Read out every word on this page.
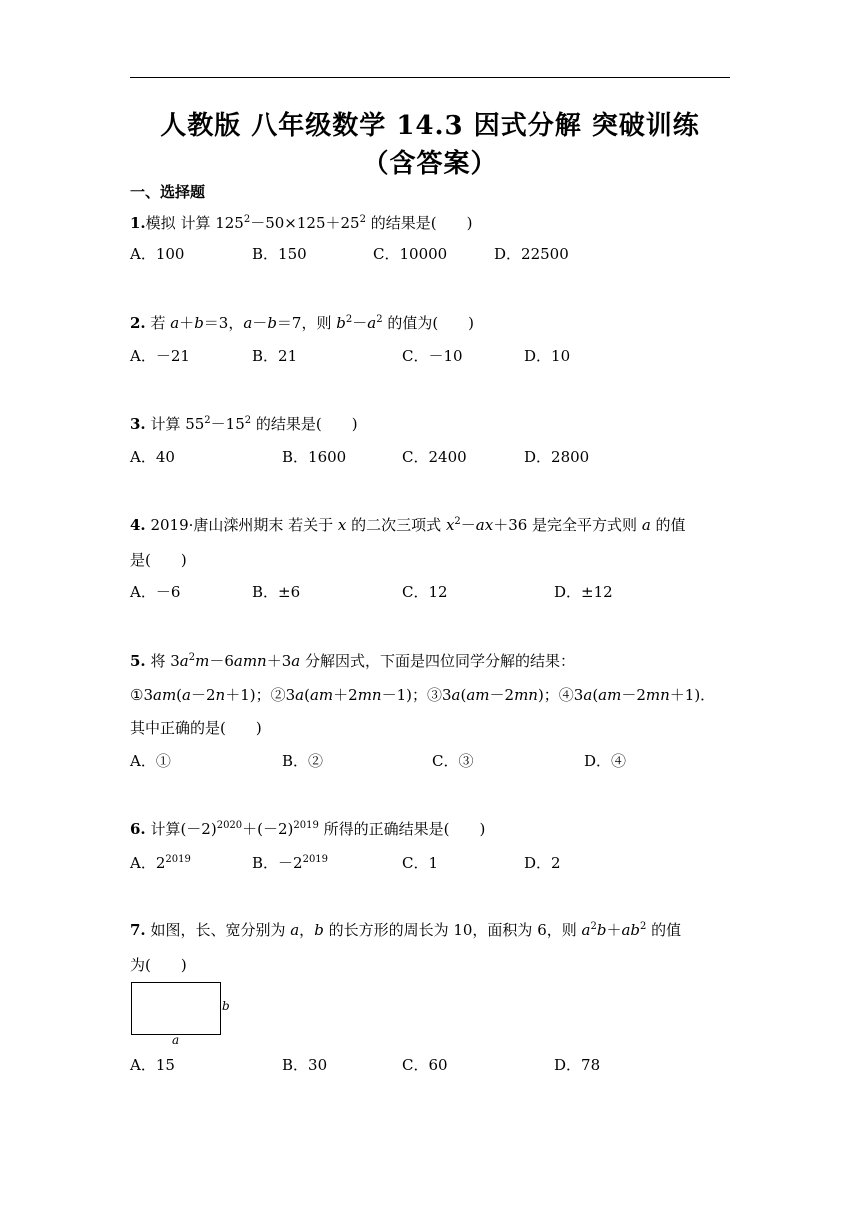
人教版 八年级数学 14.3 因式分解 突破训练
（含答案）
一、选择题
1.模拟 计算 $125^2-50\times 125+25^2$ 的结果是(　　)
A．100	B．150	C．10000	D．22500
2. 若 a＋b＝3，a－b＝7，则 $b^2-a^2$ 的值为(　　)
A．－21	B．21	C．－10	D．10
3. 计算 $55^2-15^2$ 的结果是(　　)
A．40	B．1600	C．2400	D．2800
4. 2019·唐山滦州期末 若关于 x 的二次三项式 $x^2-ax+36$ 是完全平方式则 a 的值
是(　　)
A．－6	B．±6	C．12	D．±12
5. 将 $3a^2m-6amn+3a$ 分解因式，下面是四位同学分解的结果：
①3am(a－2n＋1)；②3a(am＋2mn－1)；③3a(am－2mn)；④3a(am－2mn＋1)．
其中正确的是(　　)
A．①	B．②	C．③	D．④
6. 计算$(-2)^{2020}+(-2)^{2019}$ 所得的正确结果是(　　)
A．$2^{2019}$	B．$-2^{2019}$	C．1	D．2
7. 如图，长、宽分别为 a，b 的长方形的周长为 10，面积为 6，则 $a^2b+ab^2$ 的值
为(　　)
b
a
A．15	B．30	C．60	D．78
